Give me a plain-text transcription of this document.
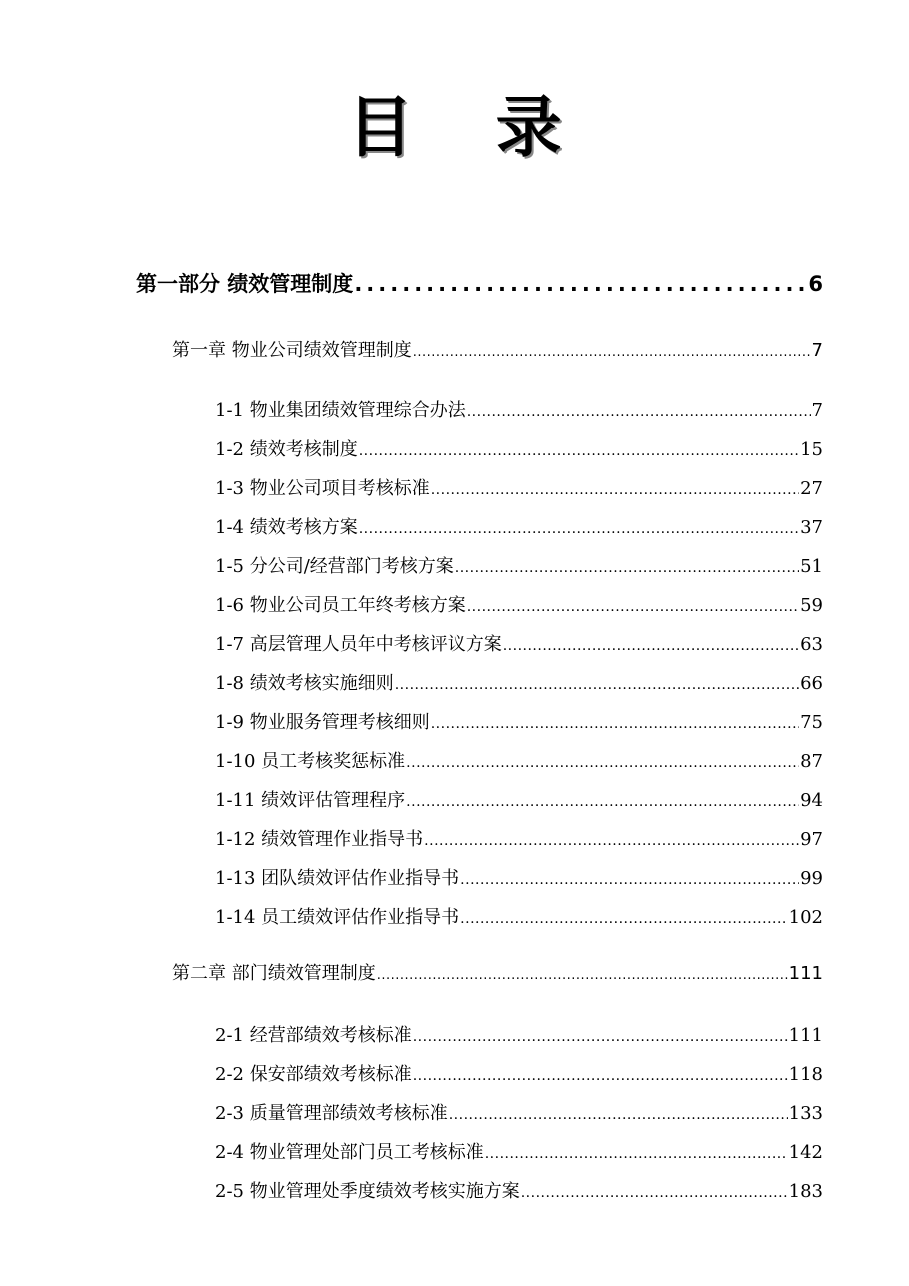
目 录
第一部分 绩效管理制度 .....	6
第一章 物业公司绩效管理制度 .....	7
1-1 物业集团绩效管理综合办法 .....	7
1-2 绩效考核制度 .....	15
1-3 物业公司项目考核标准 .....	27
1-4 绩效考核方案 .....	37
1-5 分公司/经营部门考核方案 .....	51
1-6 物业公司员工年终考核方案 .....	59
1-7 高层管理人员年中考核评议方案 .....	63
1-8 绩效考核实施细则 .....	66
1-9 物业服务管理考核细则 .....	75
1-10 员工考核奖惩标准 .....	87
1-11 绩效评估管理程序 .....	94
1-12 绩效管理作业指导书 .....	97
1-13 团队绩效评估作业指导书 .....	99
1-14 员工绩效评估作业指导书 .....	102
第二章 部门绩效管理制度 .....	111
2-1 经营部绩效考核标准 .....	111
2-2 保安部绩效考核标准 .....	118
2-3 质量管理部绩效考核标准 .....	133
2-4 物业管理处部门员工考核标准 .....	142
2-5 物业管理处季度绩效考核实施方案 .....	183
